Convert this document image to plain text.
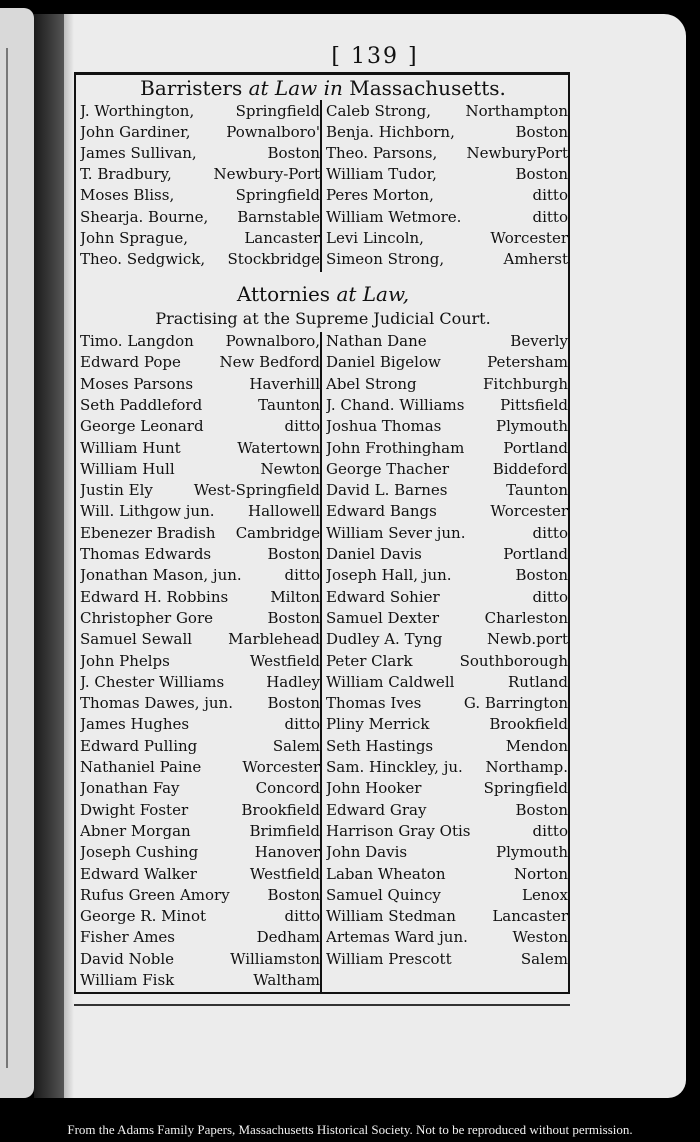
[ 139 ]
Barristers at Law in Massachusetts.
J. Worthington,	Springfield
John Gardiner, Pownalboro'
James Sullivan,	Boston
T. Bradbury,	Newbury-Port
Moses Bliss,	Springfield
Shearja. Bourne, Barnstable
John Sprague,	Lancaster
Theo. Sedgwick, Stockbridge
Caleb Strong, Northampton
Benja. Hichborn,	Boston
Theo. Parsons, NewburyPort
William Tudor,	Boston
Peres Morton,	ditto
William Wetmore.	ditto
Levi Lincoln,	Worcester
Simeon Strong,	Amherst
Attornies at Law,
Practising at the Supreme Judicial Court.
Timo. Langdon Pownalboro,
Edward Pope	New Bedford
Moses Parsons	Haverhill
Seth Paddleford	Taunton
George Leonard	ditto
William Hunt	Watertown
William Hull	Newton
Justin Ely	West-Springfield
Will. Lithgow jun. Hallowell
Ebenezer Bradish Cambridge
Thomas Edwards	Boston
Jonathan Mason, jun.	ditto
Edward H. Robbins	Milton
Christopher Gore	Boston
Samuel Sewall Marblehead
John Phelps	Westfield
J. Chester Williams	Hadley
Thomas Dawes, jun. Boston
James Hughes	ditto
Edward Pulling	Salem
Nathaniel Paine	Worcester
Jonathan Fay	Concord
Dwight Foster	Brookfield
Abner Morgan	Brimfield
Joseph Cushing	Hanover
Edward Walker	Westfield
Rufus Green Amory	Boston
George R. Minot	ditto
Fisher Ames	Dedham
David Noble	Williamston
William Fisk	Waltham
Nathan Dane	Beverly
Daniel Bigelow	Petersham
Abel Strong	Fitchburgh
J. Chand. Williams Pittsfield
Joshua Thomas	Plymouth
John Frothingham	Portland
George Thacher	Biddeford
David L. Barnes	Taunton
Edward Bangs	Worcester
William Sever jun.	ditto
Daniel Davis	Portland
Joseph Hall, jun.	Boston
Edward Sohier	ditto
Samuel Dexter	Charleston
Dudley A. Tyng	Newb.port
Peter Clark	Southborough
William Caldwell	Rutland
Thomas Ives	G. Barrington
Pliny Merrick	Brookfield
Seth Hastings	Mendon
Sam. Hinckley, ju. Northamp.
John Hooker	Springfield
Edward Gray	Boston
Harrison Gray Otis	ditto
John Davis	Plymouth
Laban Wheaton	Norton
Samuel Quincy	Lenox
William Stedman Lancaster
Artemas Ward jun.	Weston
William Prescott	Salem
From the Adams Family Papers, Massachusetts Historical Society. Not to be reproduced without permission.
